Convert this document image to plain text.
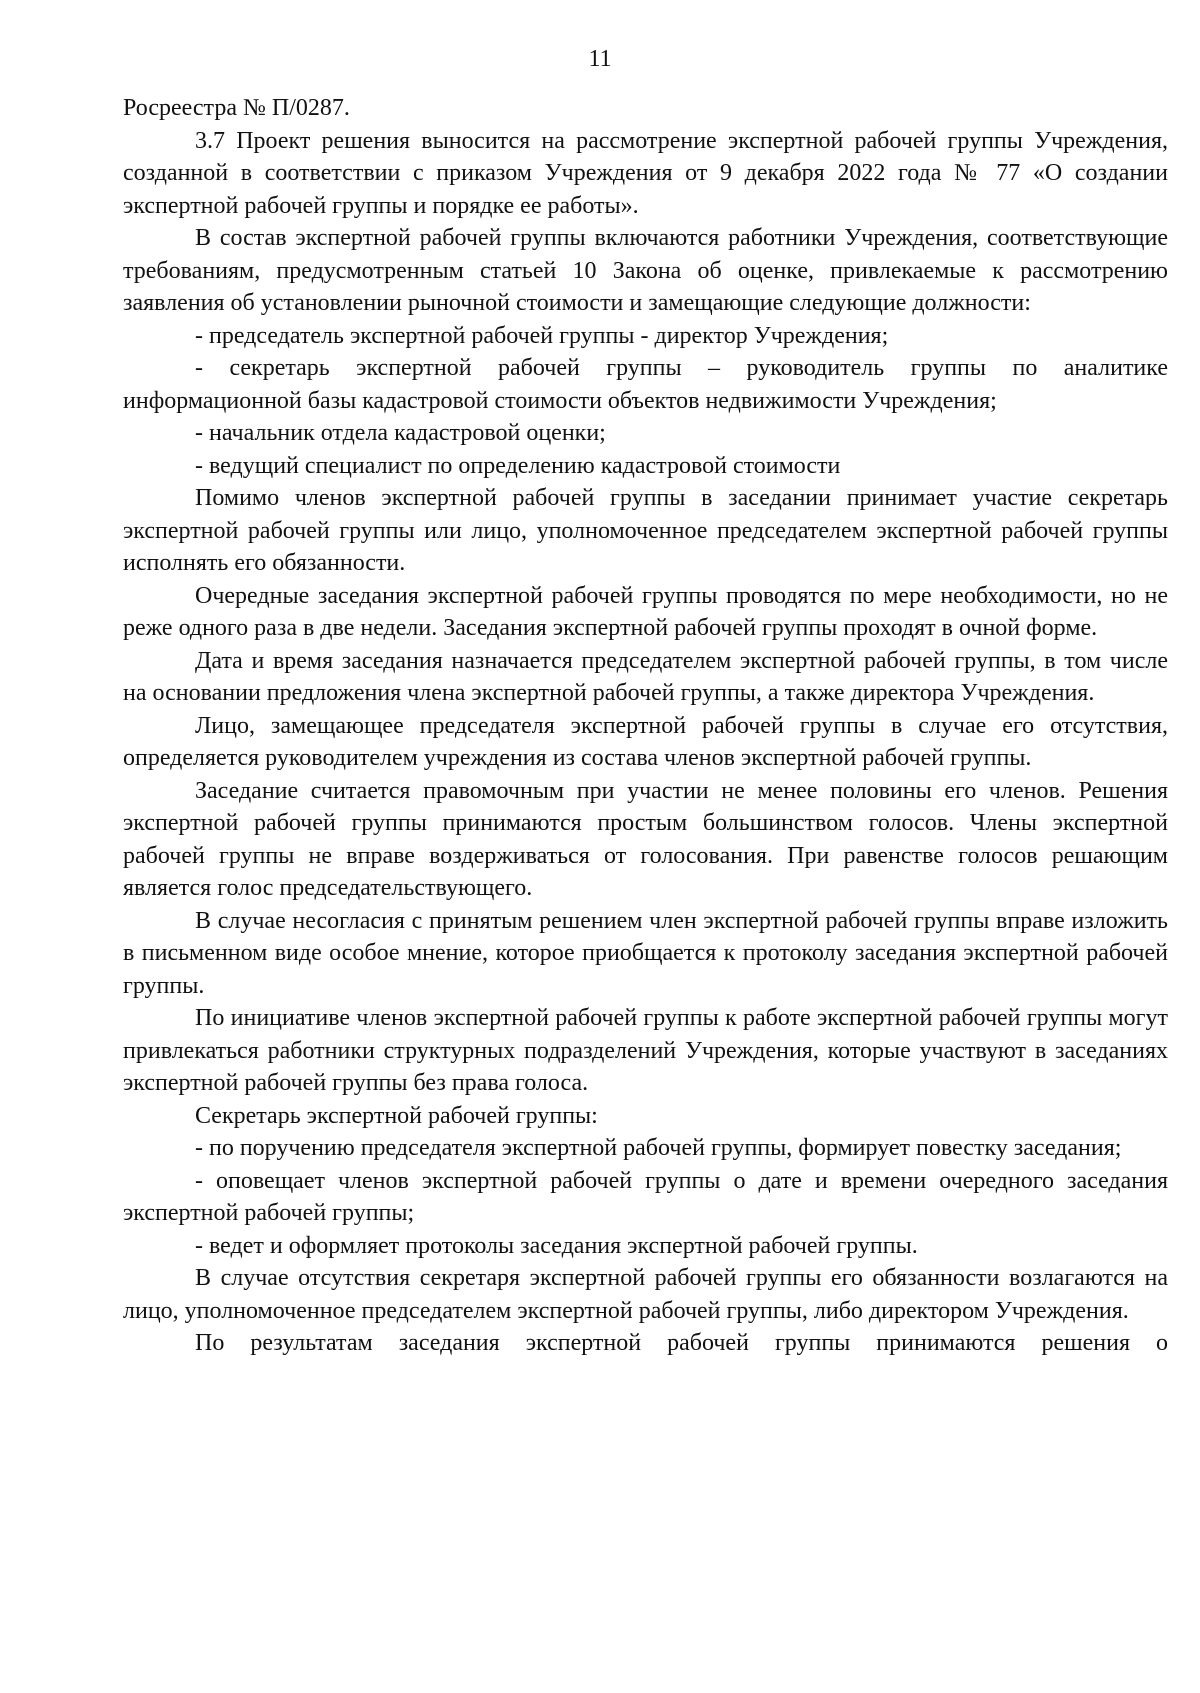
11

Росреестра № П/0287.

3.7 Проект решения выносится на рассмотрение экспертной рабочей группы Учреждения, созданной в соответствии с приказом Учреждения от 9 декабря 2022 года № 77 «О создании экспертной рабочей группы и порядке ее работы».

В состав экспертной рабочей группы включаются работники Учреждения, соответствующие требованиям, предусмотренным статьей 10 Закона об оценке, привлекаемые к рассмотрению заявления об установлении рыночной стоимости и замещающие следующие должности:

- председатель экспертной рабочей группы - директор Учреждения;

- секретарь экспертной рабочей группы – руководитель группы по аналитике информационной базы кадастровой стоимости объектов недвижимости Учреждения;

- начальник отдела кадастровой оценки;

- ведущий специалист по определению кадастровой стоимости

Помимо членов экспертной рабочей группы в заседании принимает участие секретарь экспертной рабочей группы или лицо, уполномоченное председателем экспертной рабочей группы исполнять его обязанности.

Очередные заседания экспертной рабочей группы проводятся по мере необходимости, но не реже одного раза в две недели. Заседания экспертной рабочей группы проходят в очной форме.

Дата и время заседания назначается председателем экспертной рабочей группы, в том числе на основании предложения члена экспертной рабочей группы, а также директора Учреждения.

Лицо, замещающее председателя экспертной рабочей группы в случае его отсутствия, определяется руководителем учреждения из состава членов экспертной рабочей группы.

Заседание считается правомочным при участии не менее половины его членов. Решения экспертной рабочей группы принимаются простым большинством голосов. Члены экспертной рабочей группы не вправе воздерживаться от голосования. При равенстве голосов решающим является голос председательствующего.

В случае несогласия с принятым решением член экспертной рабочей группы вправе изложить в письменном виде особое мнение, которое приобщается к протоколу заседания экспертной рабочей группы.

По инициативе членов экспертной рабочей группы к работе экспертной рабочей группы могут привлекаться работники структурных подразделений Учреждения, которые участвуют в заседаниях экспертной рабочей группы без права голоса.

Секретарь экспертной рабочей группы:

- по поручению председателя экспертной рабочей группы, формирует повестку заседания;

- оповещает членов экспертной рабочей группы о дате и времени очередного заседания экспертной рабочей группы;

- ведет и оформляет протоколы заседания экспертной рабочей группы.

В случае отсутствия секретаря экспертной рабочей группы его обязанности возлагаются на лицо, уполномоченное председателем экспертной рабочей группы, либо директором Учреждения.

По результатам заседания экспертной рабочей группы принимаются решения о
